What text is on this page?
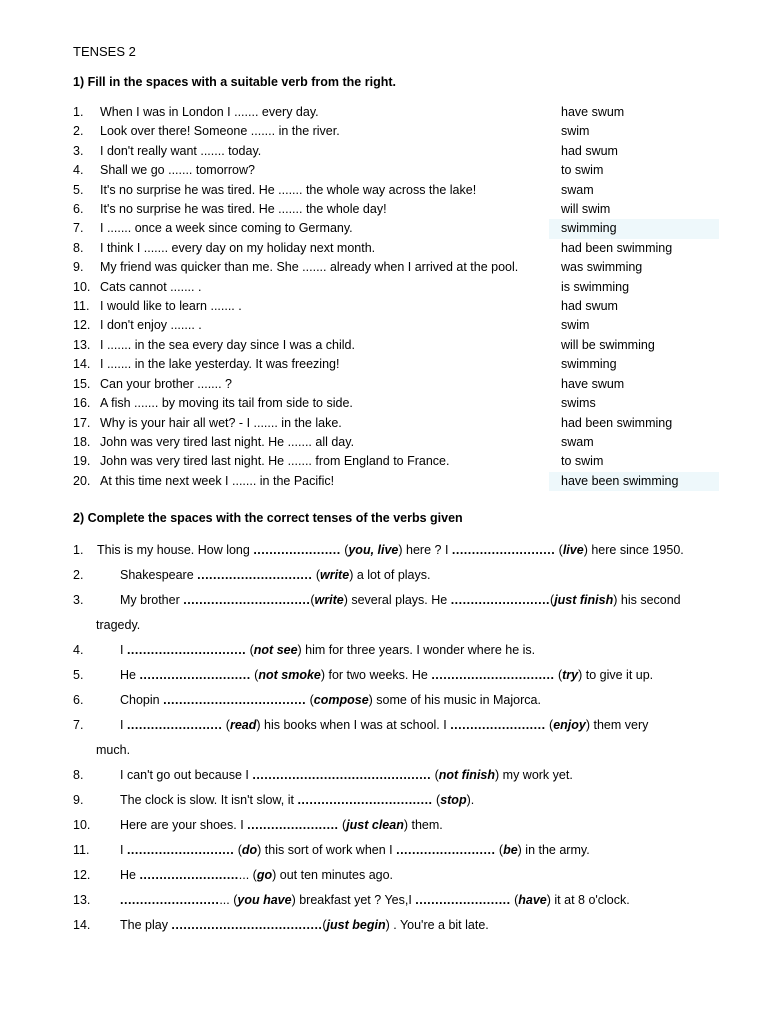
TENSES 2
1) Fill in the spaces with a suitable verb from the right.
1. When I was in London I ....... every day.	have swum
2. Look over there! Someone ....... in the river.	swim
3. I don't really want ....... today.	had swum
4. Shall we go ....... tomorrow?	to swim
5. It's no surprise he was tired. He ....... the whole way across the lake!	swam
6. It's no surprise he was tired. He ....... the whole day!	will swim
7. I ....... once a week since coming to Germany.	swimming
8. I think I ....... every day on my holiday next month.	had been swimming
9. My friend was quicker than me. She ....... already when I arrived at the pool.	was swimming
10. Cats cannot ....... .	is swimming
11. I would like to learn ....... .	had swum
12. I don't enjoy ....... .	swim
13. I ....... in the sea every day since I was a child.	will be swimming
14. I ....... in the lake yesterday. It was freezing!	swimming
15. Can your brother ....... ?	have swum
16. A fish ....... by moving its tail from side to side.	swims
17. Why is your hair all wet? - I ....... in the lake.	had been swimming
18. John was very tired last night. He ....... all day.	swam
19. John was very tired last night. He ....... from England to France.	to swim
20. At this time next week I ....... in the Pacific!	have been swimming
2) Complete the spaces with the correct tenses of the verbs given
1. This is my house. How long ...................... (you, live) here ? I .......................... (live) here since 1950.
2.	Shakespeare ............................. (write) a lot of plays.
3.	My brother ................................(write) several plays. He .........................(just finish) his second
tragedy.
4.	I .............................. (not see) him for three years. I wonder where he is.
5.	He ............................ (not smoke) for two weeks. He ............................... (try) to give it up.
6.	Chopin .................................... (compose) some of his music in Majorca.
7.	I ........................ (read) his books when I was at school. I ........................ (enjoy) them very
much.
8.	I can't go out because I ............................................. (not finish) my work yet.
9.	The clock is slow. It isn't slow, it .................................. (stop).
10. Here are your shoes. I ....................... (just clean) them.
11. I ........................... (do) this sort of work when I ......................... (be) in the army.
12. He ............................ (go) out ten minutes ago.
13. ............................ (you have) breakfast yet ? Yes,I ........................ (have) it at 8 o'clock.
14. The play ......................................(just begin) . You're a bit late.
